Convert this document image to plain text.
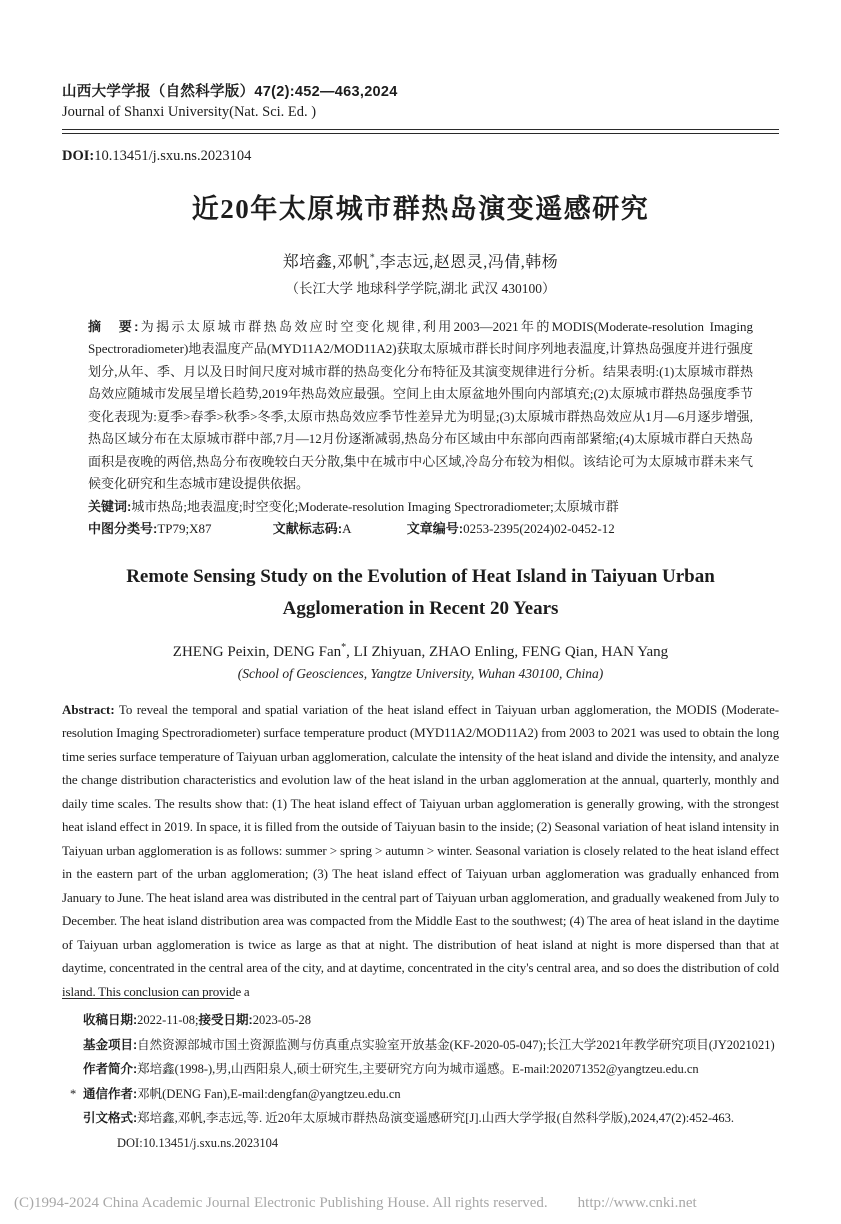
山西大学学报（自然科学版）47(2):452—463,2024
Journal of Shanxi University(Nat. Sci. Ed. )
DOI:10.13451/j.sxu.ns.2023104
近20年太原城市群热岛演变遥感研究
郑培鑫,邓帆*,李志远,赵恩灵,冯倩,韩杨
（长江大学 地球科学学院,湖北 武汉 430100）

摘　要:为揭示太原城市群热岛效应时空变化规律,利用2003—2021年的MODIS(Moderate-resolution Imaging Spectroradiometer)地表温度产品(MYD11A2/MOD11A2)获取太原城市群长时间序列地表温度,计算热岛强度并进行强度划分,从年、季、月以及日时间尺度对城市群的热岛变化分布特征及其演变规律进行分析。结果表明:(1)太原城市群热岛效应随城市发展呈增长趋势,2019年热岛效应最强。空间上由太原盆地外围向内部填充;(2)太原城市群热岛强度季节变化表现为:夏季>春季>秋季>冬季,太原市热岛效应季节性差异尤为明显;(3)太原城市群热岛效应从1月—6月逐步增强,热岛区域分布在太原城市群中部,7月—12月份逐渐减弱,热岛分布区域由中东部向西南部紧缩;(4)太原城市群白天热岛面积是夜晚的两倍,热岛分布夜晚较白天分散,集中在城市中心区域,冷岛分布较为相似。该结论可为太原城市群未来气候变化研究和生态城市建设提供依据。

关键词:城市热岛;地表温度;时空变化;Moderate-resolution Imaging Spectroradiometer;太原城市群

中图分类号:TP79;X87	文献标志码:A	文章编号:0253-2395(2024)02-0452-12

Remote Sensing Study on the Evolution of Heat Island in Taiyuan Urban
Agglomeration in Recent 20 Years
ZHENG Peixin, DENG Fan*, LI Zhiyuan, ZHAO Enling, FENG Qian, HAN Yang
(School of Geosciences, Yangtze University, Wuhan 430100, China)

Abstract: To reveal the temporal and spatial variation of the heat island effect in Taiyuan urban agglomeration, the MODIS (Moderate-resolution Imaging Spectroradiometer) surface temperature product (MYD11A2/MOD11A2) from 2003 to 2021 was used to obtain the long time series surface temperature of Taiyuan urban agglomeration, calculate the intensity of the heat island and divide the intensity, and analyze the change distribution characteristics and evolution law of the heat island in the urban agglomeration at the annual, quarterly, monthly and daily time scales. The results show that: (1) The heat island effect of Taiyuan urban agglomeration is generally growing, with the strongest heat island effect in 2019. In space, it is filled from the outside of Taiyuan basin to the inside; (2) Seasonal variation of heat island intensity in Taiyuan urban agglomeration is as follows: summer > spring > autumn > winter. Seasonal variation is closely related to the heat island effect in the eastern part of the urban agglomeration; (3) The heat island effect of Taiyuan urban agglomeration was gradually enhanced from January to June. The heat island area was distributed in the central part of Taiyuan urban agglomeration, and gradually weakened from July to December. The heat island distribution area was compacted from the Middle East to the southwest; (4) The area of heat island in the daytime of Taiyuan urban agglomeration is twice as large as that at night. The distribution of heat island at night is more dispersed than that at daytime, concentrated in the central area of the city, and at daytime, concentrated in the city's central area, and so does the distribution of cold island. This conclusion can provide a

收稿日期:2022-11-08;接受日期:2023-05-28
基金项目:自然资源部城市国土资源监测与仿真重点实验室开放基金(KF-2020-05-047);长江大学2021年教学研究项目(JY2021021)
作者简介:郑培鑫(1998-),男,山西阳泉人,硕士研究生,主要研究方向为城市遥感。E-mail:202071352@yangtzeu.edu.cn
* 通信作者:邓帆(DENG Fan),E-mail:dengfan@yangtzeu.edu.cn
引文格式:郑培鑫,邓帆,李志远,等. 近20年太原城市群热岛演变遥感研究[J].山西大学学报(自然科学版),2024,47(2):452-463. DOI:10.13451/j.sxu.ns.2023104
(C)1994-2024 China Academic Journal Electronic Publishing House. All rights reserved. http://www.cnki.net
